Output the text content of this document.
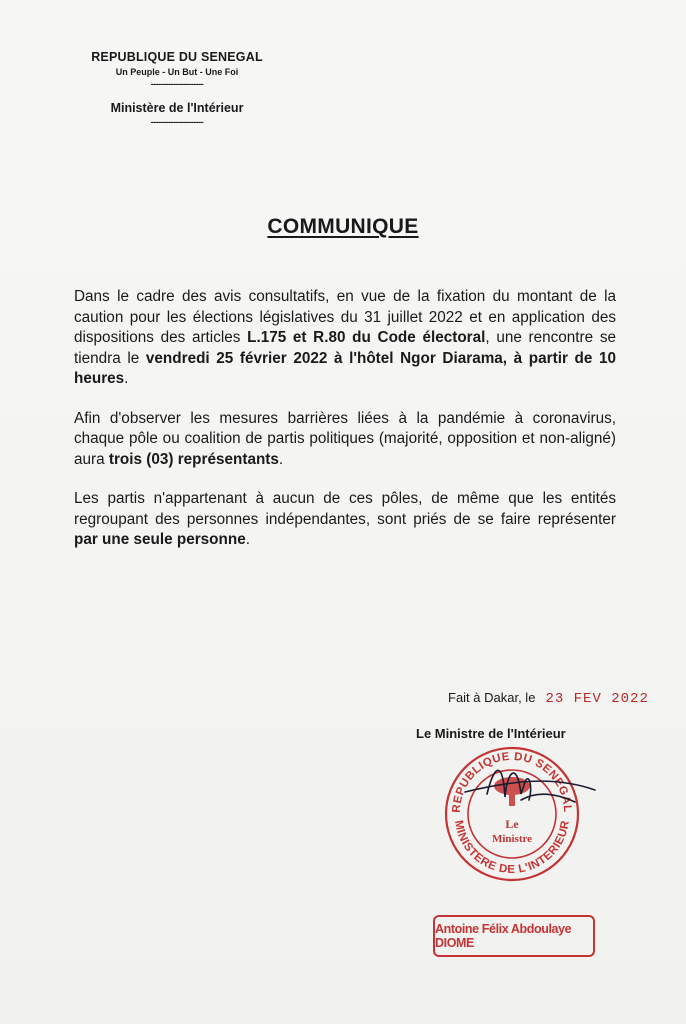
REPUBLIQUE DU SENEGAL
Un Peuple - Un But - Une Foi
---------------------
Ministère de l'Intérieur
---------------------
COMMUNIQUE

Dans le cadre des avis consultatifs, en vue de la fixation du montant de la caution pour les élections législatives du 31 juillet 2022 et en application des dispositions des articles L.175 et R.80 du Code électoral, une rencontre se tiendra le vendredi 25 février 2022 à l'hôtel Ngor Diarama, à partir de 10 heures.

Afin d'observer les mesures barrières liées à la pandémie à coronavirus, chaque pôle ou coalition de partis politiques (majorité, opposition et non-aligné) aura trois (03) représentants.

Les partis n'appartenant à aucun de ces pôles, de même que les entités regroupant des personnes indépendantes, sont priés de se faire représenter par une seule personne.

Fait à Dakar, le 23 FEV 2022
Le Ministre de l'Intérieur
REPUBLIQUE DU SENEGAL
MINISTERE DE L'INTERIEUR
Le
Ministre
Antoine Félix Abdoulaye DIOME
